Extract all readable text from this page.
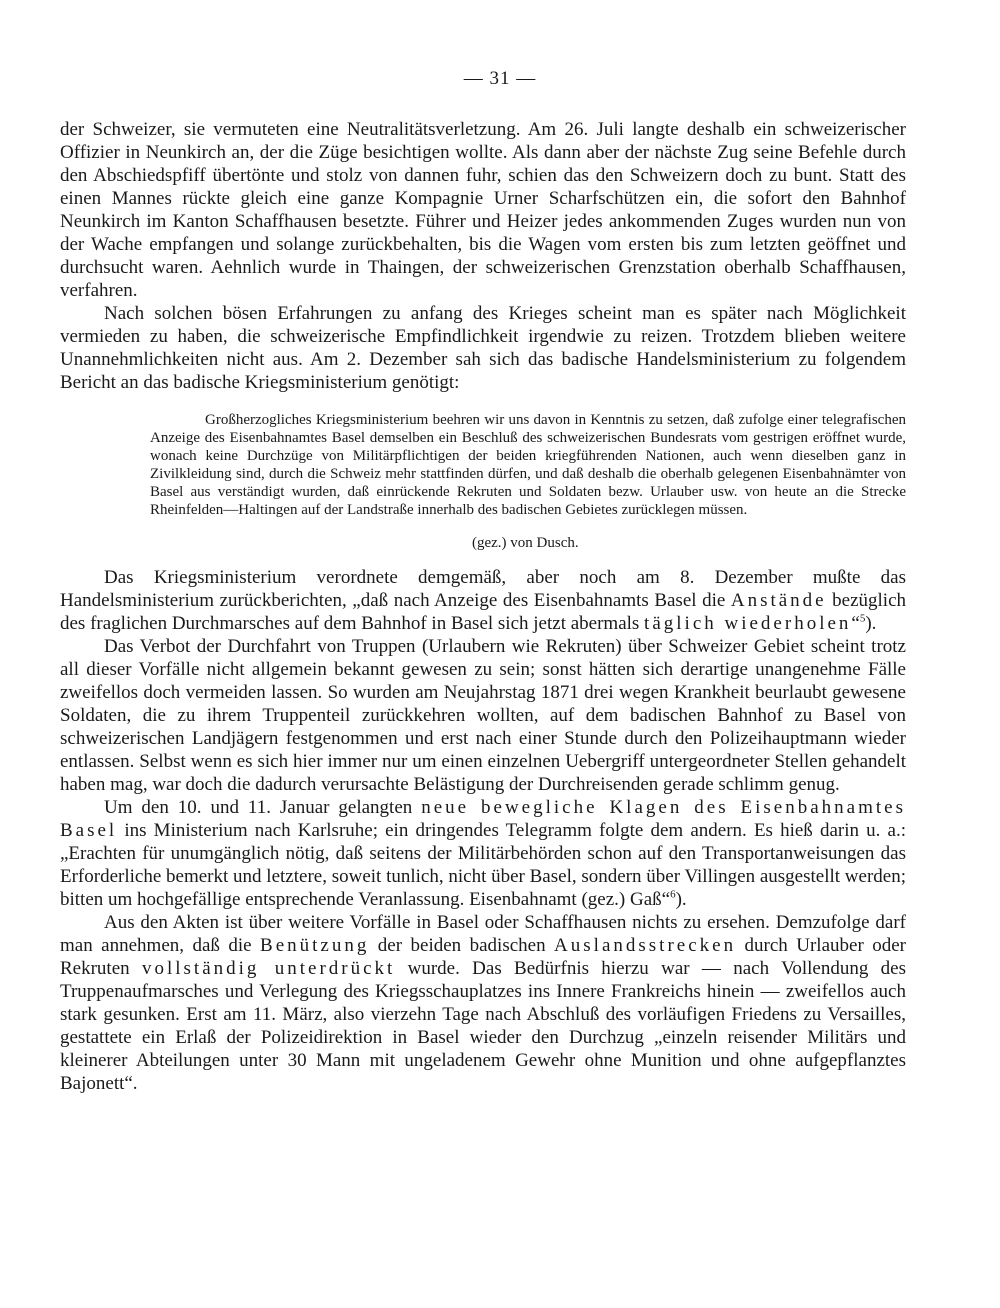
— 31 —

der Schweizer, sie vermuteten eine Neutralitätsverletzung. Am 26. Juli langte deshalb ein schweizerischer Offizier in Neunkirch an, der die Züge besichtigen wollte. Als dann aber der nächste Zug seine Befehle durch den Abschiedspfiff übertönte und stolz von dannen fuhr, schien das den Schweizern doch zu bunt. Statt des einen Mannes rückte gleich eine ganze Kompagnie Urner Scharfschützen ein, die sofort den Bahnhof Neunkirch im Kanton Schaffhausen besetzte. Führer und Heizer jedes ankommenden Zuges wurden nun von der Wache empfangen und solange zurückbehalten, bis die Wagen vom ersten bis zum letzten geöffnet und durchsucht waren. Aehnlich wurde in Thaingen, der schweizerischen Grenzstation oberhalb Schaffhausen, verfahren.

Nach solchen bösen Erfahrungen zu anfang des Krieges scheint man es später nach Möglichkeit vermieden zu haben, die schweizerische Empfindlichkeit irgendwie zu reizen. Trotzdem blieben weitere Unannehmlichkeiten nicht aus. Am 2. Dezember sah sich das badische Handelsministerium zu folgendem Bericht an das badische Kriegsministerium genötigt:

Großherzogliches Kriegsministerium beehren wir uns davon in Kenntnis zu setzen, daß zufolge einer telegrafischen Anzeige des Eisenbahnamtes Basel demselben ein Beschluß des schweizerischen Bundesrats vom gestrigen eröffnet wurde, wonach keine Durchzüge von Militärpflichtigen der beiden kriegführenden Nationen, auch wenn dieselben ganz in Zivilkleidung sind, durch die Schweiz mehr stattfinden dürfen, und daß deshalb die oberhalb gelegenen Eisenbahnämter von Basel aus verständigt wurden, daß einrückende Rekruten und Soldaten bezw. Urlauber usw. von heute an die Strecke Rheinfelden—Haltingen auf der Landstraße innerhalb des badischen Gebietes zurücklegen müssen.

(gez.) von Dusch.

Das Kriegsministerium verordnete demgemäß, aber noch am 8. Dezember mußte das Handelsministerium zurückberichten, „daß nach Anzeige des Eisenbahnamts Basel die Anstände bezüglich des fraglichen Durchmarsches auf dem Bahnhof in Basel sich jetzt abermals täglich wiederholen“$^5$).

Das Verbot der Durchfahrt von Truppen (Urlaubern wie Rekruten) über Schweizer Gebiet scheint trotz all dieser Vorfälle nicht allgemein bekannt gewesen zu sein; sonst hätten sich derartige unangenehme Fälle zweifellos doch vermeiden lassen. So wurden am Neujahrstag 1871 drei wegen Krankheit beurlaubt gewesene Soldaten, die zu ihrem Truppenteil zurückkehren wollten, auf dem badischen Bahnhof zu Basel von schweizerischen Landjägern festgenommen und erst nach einer Stunde durch den Polizeihauptmann wieder entlassen. Selbst wenn es sich hier immer nur um einen einzelnen Uebergriff untergeordneter Stellen gehandelt haben mag, war doch die dadurch verursachte Belästigung der Durchreisenden gerade schlimm genug.

Um den 10. und 11. Januar gelangten neue bewegliche Klagen des Eisenbahnamtes Basel ins Ministerium nach Karlsruhe; ein dringendes Telegramm folgte dem andern. Es hieß darin u. a.: „Erachten für unumgänglich nötig, daß seitens der Militärbehörden schon auf den Transportanweisungen das Erforderliche bemerkt und letztere, soweit tunlich, nicht über Basel, sondern über Villingen ausgestellt werden; bitten um hochgefällige entsprechende Veranlassung. Eisenbahnamt (gez.) Gaß“$^6$).

Aus den Akten ist über weitere Vorfälle in Basel oder Schaffhausen nichts zu ersehen. Demzufolge darf man annehmen, daß die Benützung der beiden badischen Auslandsstrecken durch Urlauber oder Rekruten vollständig unterdrückt wurde. Das Bedürfnis hierzu war — nach Vollendung des Truppenaufmarsches und Verlegung des Kriegsschauplatzes ins Innere Frankreichs hinein — zweifellos auch stark gesunken. Erst am 11. März, also vierzehn Tage nach Abschluß des vorläufigen Friedens zu Versailles, gestattete ein Erlaß der Polizeidirektion in Basel wieder den Durchzug „einzeln reisender Militärs und kleinerer Abteilungen unter 30 Mann mit ungeladenem Gewehr ohne Munition und ohne aufgepflanztes Bajonett“.
